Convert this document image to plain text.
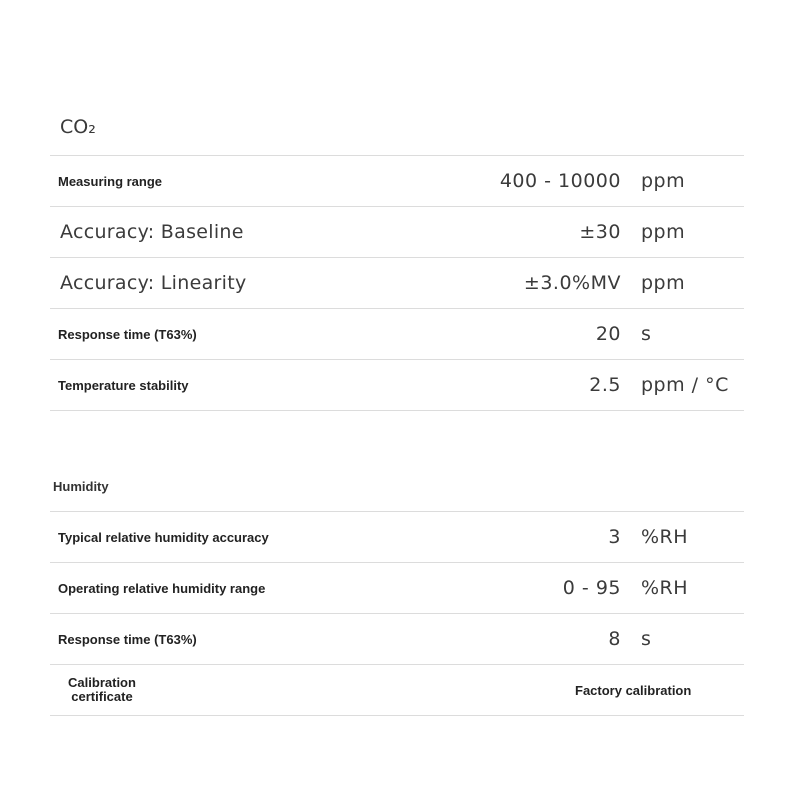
CO₂
Measuring range	400 - 10000 ppm
Accuracy: Baseline	±30 ppm
Accuracy: Linearity	±3.0%MV ppm
Response time (T63%)	20 s
Temperature stability	2.5 ppm / °C
Humidity
Typical relative humidity accuracy	3 %RH
Operating relative humidity range	0 - 95 %RH
Response time (T63%)	8 s
Calibration
certificate	Factory calibration
